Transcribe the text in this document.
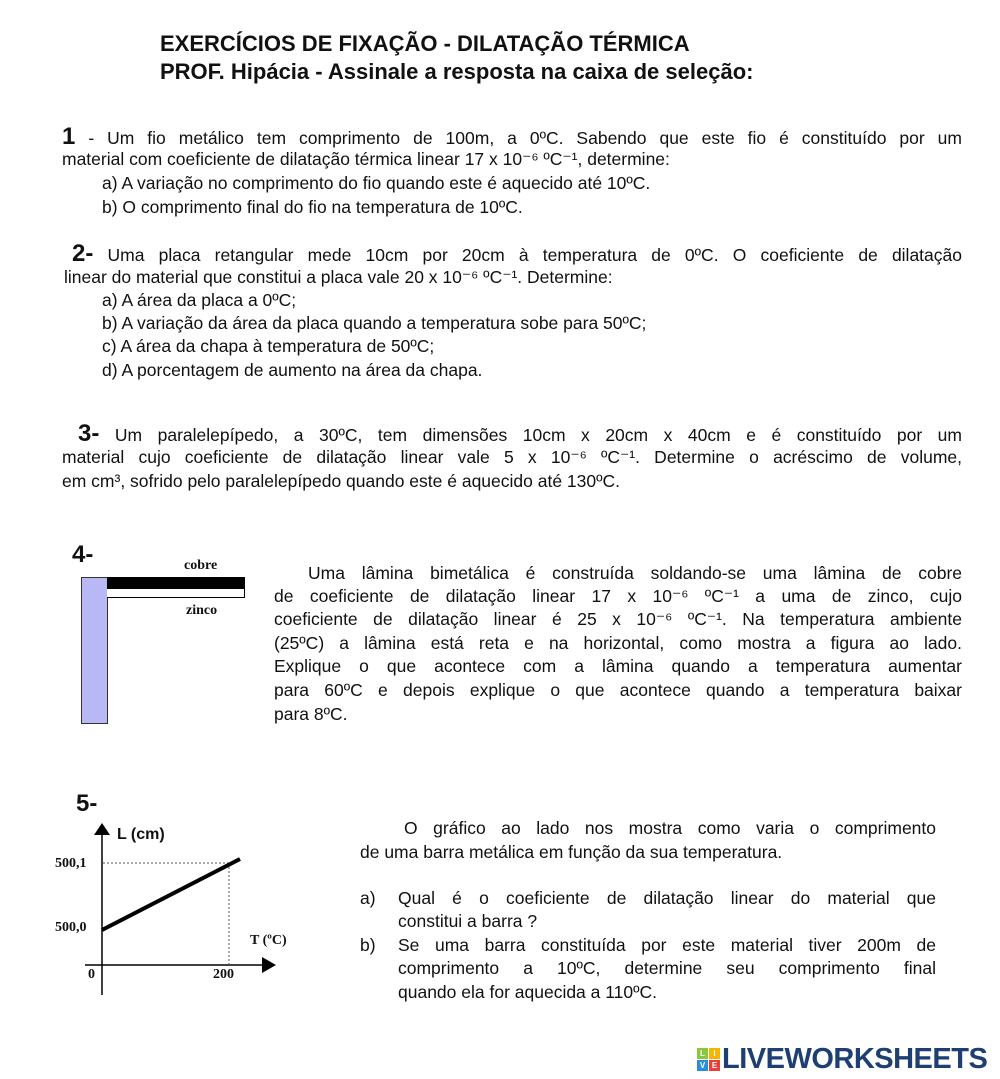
EXERCÍCIOS DE FIXAÇÃO - DILATAÇÃO TÉRMICA
PROF. Hipácia - Assinale a resposta na caixa de seleção:
1 - Um fio metálico tem comprimento de 100m, a 0ºC. Sabendo que este fio é constituído por um
material com coeficiente de dilatação térmica linear 17 x 10⁻⁶ ºC⁻¹, determine:
a) A variação no comprimento do fio quando este é aquecido até 10ºC.
b) O comprimento final do fio na temperatura de 10ºC.
2- Uma placa retangular mede 10cm por 20cm à temperatura de 0ºC. O coeficiente de dilatação
linear do material que constitui a placa vale 20 x 10⁻⁶ ºC⁻¹. Determine:
a) A área da placa a 0ºC;
b) A variação da área da placa quando a temperatura sobe para 50ºC;
c) A área da chapa à temperatura de 50ºC;
d) A porcentagem de aumento na área da chapa.
3- Um paralelepípedo, a 30ºC, tem dimensões 10cm x 20cm x 40cm e é constituído por um
material cujo coeficiente de dilatação linear vale 5 x 10⁻⁶ ºC⁻¹. Determine o acréscimo de volume,
em cm³, sofrido pelo paralelepípedo quando este é aquecido até 130ºC.
4-	cobre
zinco
Uma lâmina bimetálica é construída soldando-se uma lâmina de cobre
de coeficiente de dilatação linear 17 x 10⁻⁶ ºC⁻¹ a uma de zinco, cujo
coeficiente de dilatação linear é 25 x 10⁻⁶ ºC⁻¹. Na temperatura ambiente
(25ºC) a lâmina está reta e na horizontal, como mostra a figura ao lado.
Explique o que acontece com a lâmina quando a temperatura aumentar
para 60ºC e depois explique o que acontece quando a temperatura baixar
para 8ºC.
5-
L (cm)
T (ºC)
500,1
500,0
0	200
O gráfico ao lado nos mostra como varia o comprimento
de uma barra metálica em função da sua temperatura.
a) Qual é o coeficiente de dilatação linear do material que
constitui a barra ?
b) Se uma barra constituída por este material tiver 200m de
comprimento a 10ºC, determine seu comprimento final
quando ela for aquecida a 110ºC.
L	I
V E LIVEWORKSHEETS
